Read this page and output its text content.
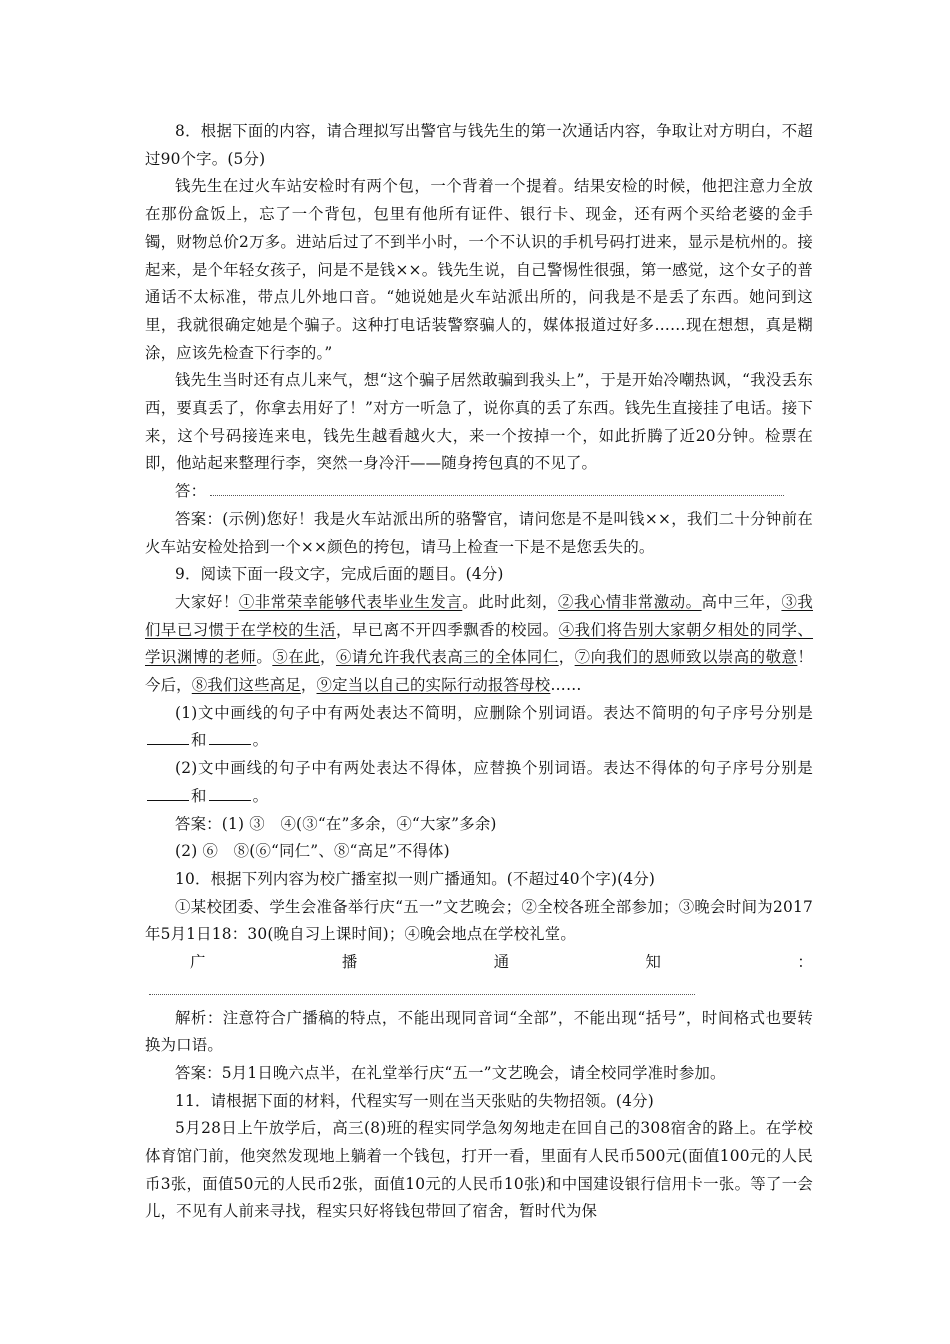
8．根据下面的内容，请合理拟写出警官与钱先生的第一次通话内容，争取让对方明白，不超过90个字。(5分)

钱先生在过火车站安检时有两个包，一个背着一个提着。结果安检的时候，他把注意力全放在那份盒饭上，忘了一个背包，包里有他所有证件、银行卡、现金，还有两个买给老婆的金手镯，财物总价2万多。进站后过了不到半小时，一个不认识的手机号码打进来，显示是杭州的。接起来，是个年轻女孩子，问是不是钱××。钱先生说，自己警惕性很强，第一感觉，这个女子的普通话不太标准，带点儿外地口音。“她说她是火车站派出所的，问我是不是丢了东西。她问到这里，我就很确定她是个骗子。这种打电话装警察骗人的，媒体报道过好多……现在想想，真是糊涂，应该先检查下行李的。”

钱先生当时还有点儿来气，想“这个骗子居然敢骗到我头上”，于是开始冷嘲热讽，“我没丢东西，要真丢了，你拿去用好了！”对方一听急了，说你真的丢了东西。钱先生直接挂了电话。接下来，这个号码接连来电，钱先生越看越火大，来一个按掉一个，如此折腾了近20分钟。检票在即，他站起来整理行李，突然一身冷汗——随身挎包真的不见了。

答：

答案：(示例)您好！我是火车站派出所的骆警官，请问您是不是叫钱××，我们二十分钟前在火车站安检处拾到一个××颜色的挎包，请马上检查一下是不是您丢失的。

9．阅读下面一段文字，完成后面的题目。(4分)

大家好！①非常荣幸能够代表毕业生发言。此时此刻，②我心情非常激动。高中三年，③我们早已习惯于在学校的生活，早已离不开四季飘香的校园。④我们将告别大家朝夕相处的同学、学识渊博的老师。⑤在此，⑥请允许我代表高三的全体同仁，⑦向我们的恩师致以崇高的敬意！今后，⑧我们这些高足，⑨定当以自己的实际行动报答母校……

(1)文中画线的句子中有两处表达不简明，应删除个别词语。表达不简明的句子序号分别是和	。

(2)文中画线的句子中有两处表达不得体，应替换个别词语。表达不得体的句子序号分别是和	。

答案：(1) ③　④(③“在”多余，④“大家”多余)

(2) ⑥　⑧(⑥“同仁”、⑧“高足”不得体)

10．根据下列内容为校广播室拟一则广播通知。(不超过40个字)(4分)

①某校团委、学生会准备举行庆“五一”文艺晚会；②全校各班全部参加；③晚会时间为2017年5月1日18：30(晚自习上课时间)；④晚会地点在学校礼堂。

广播通知：

解析：注意符合广播稿的特点，不能出现同音词“全部”，不能出现“括号”，时间格式也要转换为口语。

答案：5月1日晚六点半，在礼堂举行庆“五一”文艺晚会，请全校同学准时参加。

11．请根据下面的材料，代程实写一则在当天张贴的失物招领。(4分)

5月28日上午放学后，高三(8)班的程实同学急匆匆地走在回自己的308宿舍的路上。在学校体育馆门前，他突然发现地上躺着一个钱包，打开一看，里面有人民币500元(面值100元的人民币3张，面值50元的人民币2张，面值10元的人民币10张)和中国建设银行信用卡一张。等了一会儿，不见有人前来寻找，程实只好将钱包带回了宿舍，暂时代为保
